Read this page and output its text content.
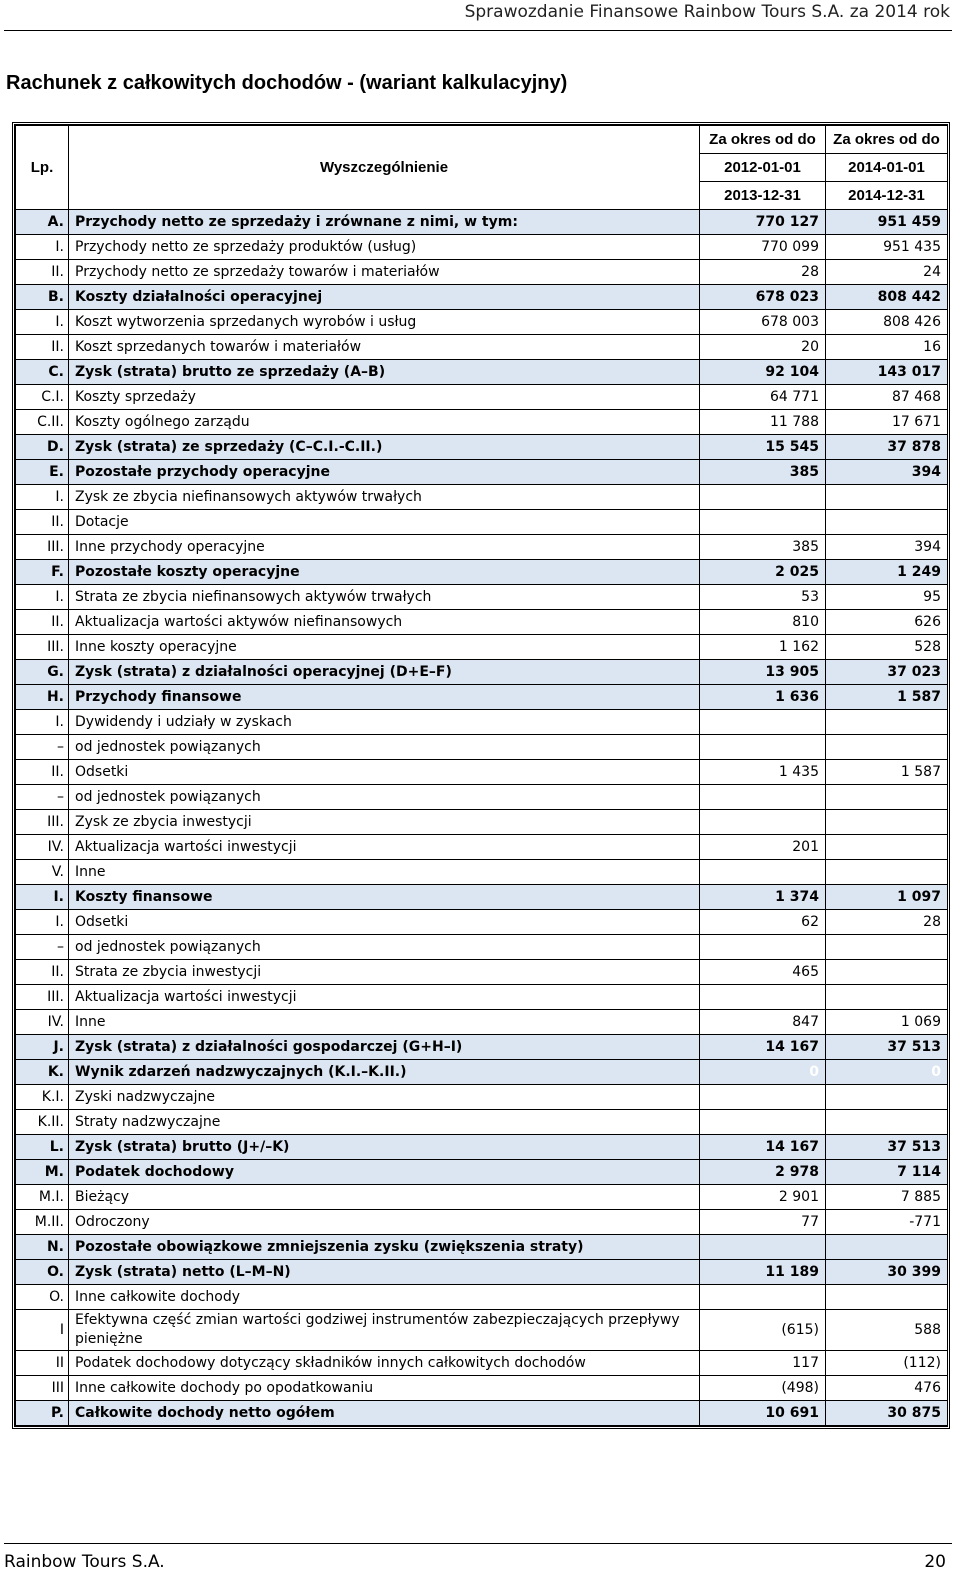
Sprawozdanie Finansowe Rainbow Tours S.A. za 2014 rok
Rachunek z całkowitych dochodów - (wariant kalkulacyjny)
Lp.	Wyszczególnienie	Za okres od do	Za okres od do
		2012-01-01	2014-01-01
		2013-12-31	2014-12-31
A.	Przychody netto ze sprzedaży i zrównane z nimi, w tym:	770 127	951 459
I.	Przychody netto ze sprzedaży produktów (usług)	770 099	951 435
II.	Przychody netto ze sprzedaży towarów i materiałów	28	24
B.	Koszty działalności operacyjnej	678 023	808 442
I.	Koszt wytworzenia sprzedanych wyrobów i usług	678 003	808 426
II.	Koszt sprzedanych towarów i materiałów	20	16
C.	Zysk (strata) brutto ze sprzedaży (A–B)	92 104	143 017
C.I.	Koszty sprzedaży	64 771	87 468
C.II.	Koszty ogólnego zarządu	11 788	17 671
D.	Zysk (strata) ze sprzedaży (C–C.I.-C.II.)	15 545	37 878
E.	Pozostałe przychody operacyjne	385	394
I.	Zysk ze zbycia niefinansowych aktywów trwałych		
II.	Dotacje		
III.	Inne przychody operacyjne	385	394
F.	Pozostałe koszty operacyjne	2 025	1 249
I.	Strata ze zbycia niefinansowych aktywów trwałych	53	95
II.	Aktualizacja wartości aktywów niefinansowych	810	626
III.	Inne koszty operacyjne	1 162	528
G.	Zysk (strata) z działalności operacyjnej (D+E–F)	13 905	37 023
H.	Przychody finansowe	1 636	1 587
I.	Dywidendy i udziały w zyskach		
–	od jednostek powiązanych		
II.	Odsetki	1 435	1 587
–	od jednostek powiązanych		
III.	Zysk ze zbycia inwestycji		
IV.	Aktualizacja wartości inwestycji	201	
V.	Inne		
I.	Koszty finansowe	1 374	1 097
I.	Odsetki	62	28
–	od jednostek powiązanych		
II.	Strata ze zbycia inwestycji	465	
III.	Aktualizacja wartości inwestycji		
IV.	Inne	847	1 069
J.	Zysk (strata) z działalności gospodarczej (G+H–I)	14 167	37 513
K.	Wynik zdarzeń nadzwyczajnych (K.I.–K.II.)	0	0
K.I.	Zyski nadzwyczajne		
K.II.	Straty nadzwyczajne		
L.	Zysk (strata) brutto (J+/–K)	14 167	37 513
M.	Podatek dochodowy	2 978	7 114
M.I.	Bieżący	2 901	7 885
M.II.	Odroczony	77	-771
N.	Pozostałe obowiązkowe zmniejszenia zysku (zwiększenia straty)		
O.	Zysk (strata) netto (L–M–N)	11 189	30 399
O.	Inne całkowite dochody		
I	Efektywna część zmian wartości godziwej instrumentów zabezpieczających przepływy pieniężne	(615)	588
II	Podatek dochodowy dotyczący składników innych całkowitych dochodów	117	(112)
III	Inne całkowite dochody po opodatkowaniu	(498)	476
P.	Całkowite dochody netto ogółem	10 691	30 875
Rainbow Tours S.A.	20
